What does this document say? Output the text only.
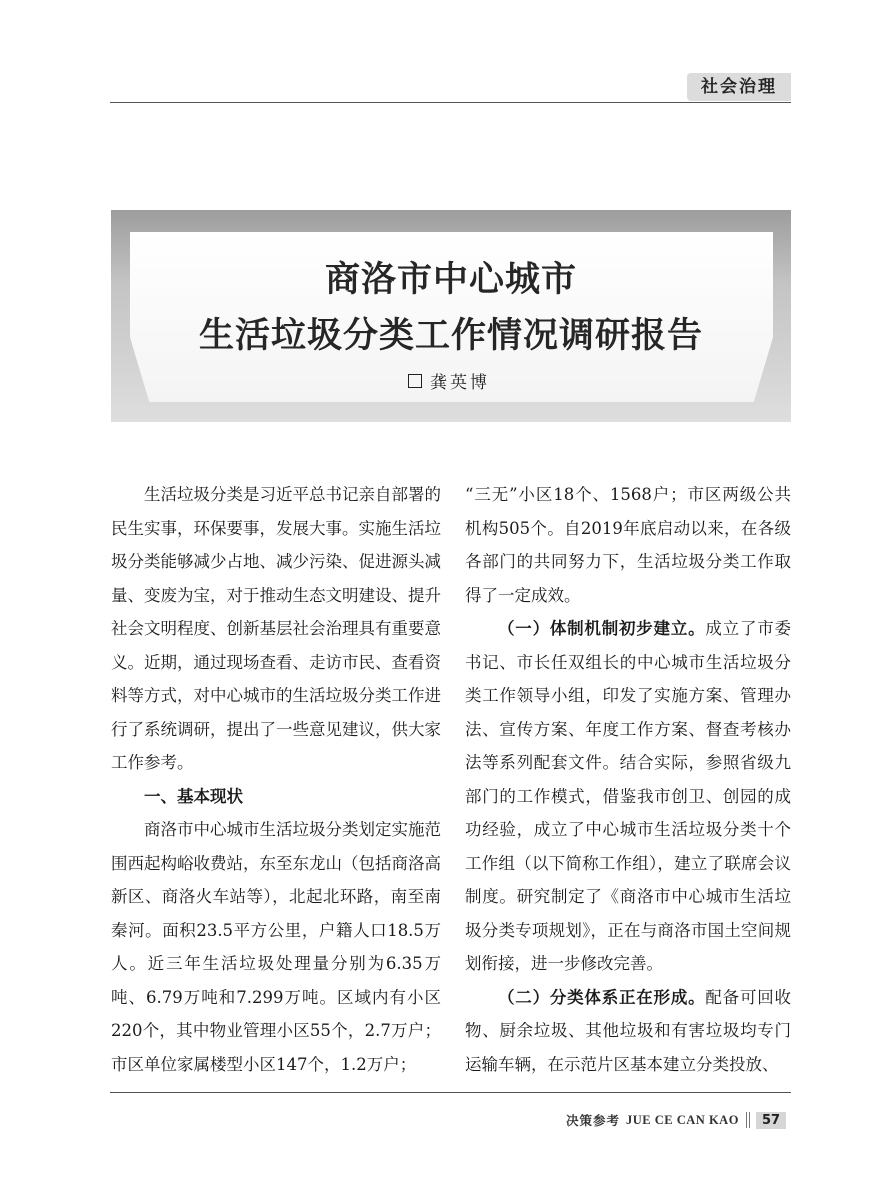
社会治理
商洛市中心城市
生活垃圾分类工作情况调研报告
龚英博

生活垃圾分类是习近平总书记亲自部署的民生实事，环保要事，发展大事。实施生活垃圾分类能够减少占地、减少污染、促进源头减量、变废为宝，对于推动生态文明建设、提升社会文明程度、创新基层社会治理具有重要意义。近期，通过现场查看、走访市民、查看资料等方式，对中心城市的生活垃圾分类工作进行了系统调研，提出了一些意见建议，供大家工作参考。

一、基本现状

商洛市中心城市生活垃圾分类划定实施范围西起构峪收费站，东至东龙山（包括商洛高新区、商洛火车站等），北起北环路，南至南秦河。面积23.5平方公里，户籍人口18.5万人。近三年生活垃圾处理量分别为6.35万吨、6.79万吨和7.299万吨。区域内有小区220个，其中物业管理小区55个，2.7万户；市区单位家属楼型小区147个，1.2万户；

“三无”小区18个、1568户；市区两级公共机构505个。自2019年底启动以来，在各级各部门的共同努力下，生活垃圾分类工作取得了一定成效。

（一）体制机制初步建立。成立了市委书记、市长任双组长的中心城市生活垃圾分类工作领导小组，印发了实施方案、管理办法、宣传方案、年度工作方案、督查考核办法等系列配套文件。结合实际，参照省级九部门的工作模式，借鉴我市创卫、创园的成功经验，成立了中心城市生活垃圾分类十个工作组（以下简称工作组），建立了联席会议制度。研究制定了《商洛市中心城市生活垃圾分类专项规划》，正在与商洛市国土空间规划衔接，进一步修改完善。

（二）分类体系正在形成。配备可回收物、厨余垃圾、其他垃圾和有害垃圾均专门运输车辆，在示范片区基本建立分类投放、

决策参考 JUE CE CAN KAO	57
